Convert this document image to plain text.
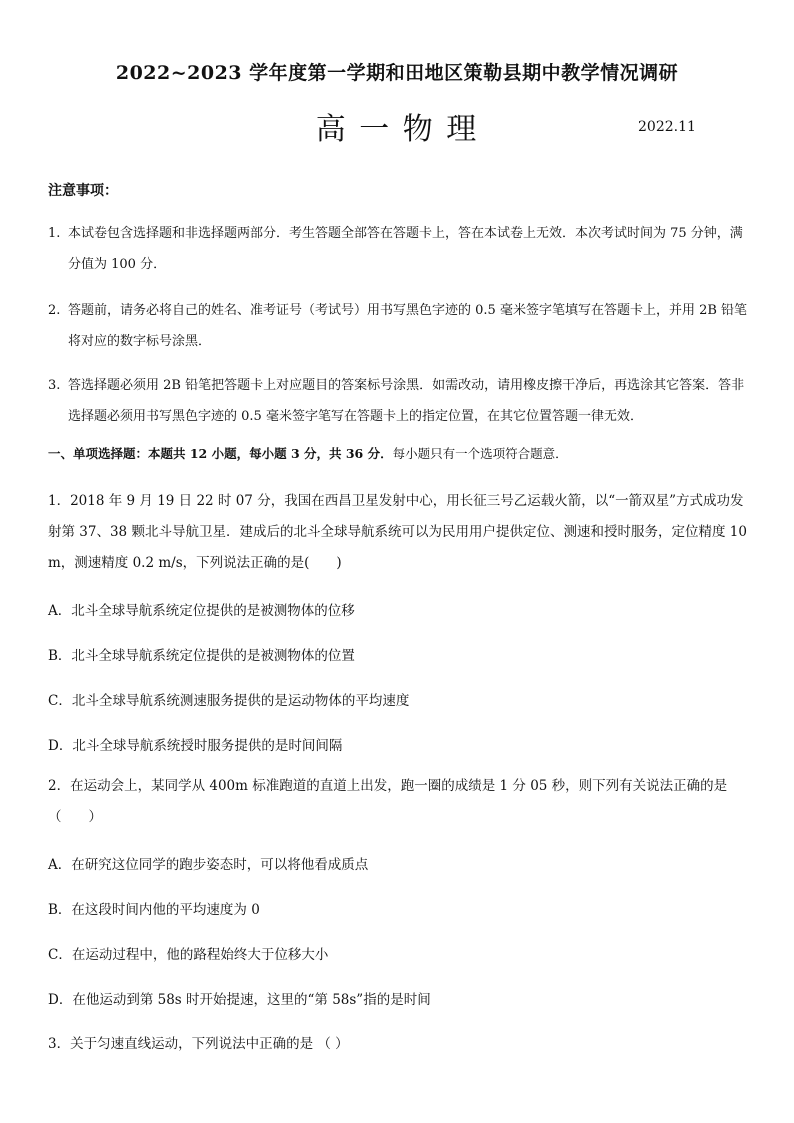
2022~2023 学年度第一学期和田地区策勒县期中教学情况调研
高 一 物 理	2022.11
注意事项：
1. 本试卷包含选择题和非选择题两部分．考生答题全部答在答题卡上，答在本试卷上无效．本次考试时间为 75 分钟，满分值为 100 分．
2. 答题前，请务必将自己的姓名、准考证号（考试号）用书写黑色字迹的 0.5 毫米签字笔填写在答题卡上，并用 2B 铅笔将对应的数字标号涂黑．
3. 答选择题必须用 2B 铅笔把答题卡上对应题目的答案标号涂黑．如需改动，请用橡皮擦干净后，再选涂其它答案．答非选择题必须用书写黑色字迹的 0.5 毫米签字笔写在答题卡上的指定位置，在其它位置答题一律无效．
一、单项选择题：本题共 12 小题，每小题 3 分，共 36 分．每小题只有一个选项符合题意．
1．2018 年 9 月 19 日 22 时 07 分，我国在西昌卫星发射中心，用长征三号乙运载火箭，以“一箭双星”方式成功发射第 37、38 颗北斗导航卫星．建成后的北斗全球导航系统可以为民用用户提供定位、测速和授时服务，定位精度 10 m，测速精度 0.2 m/s，下列说法正确的是(　　)
A．北斗全球导航系统定位提供的是被测物体的位移
B．北斗全球导航系统定位提供的是被测物体的位置
C．北斗全球导航系统测速服务提供的是运动物体的平均速度
D．北斗全球导航系统授时服务提供的是时间间隔
2．在运动会上，某同学从 400m 标准跑道的直道上出发，跑一圈的成绩是 1 分 05 秒，则下列有关说法正确的是（　　）
A．在研究这位同学的跑步姿态时，可以将他看成质点
B．在这段时间内他的平均速度为 0
C．在运动过程中，他的路程始终大于位移大小
D．在他运动到第 58s 时开始提速，这里的“第 58s”指的是时间
3．关于匀速直线运动，下列说法中正确的是 （ ）
